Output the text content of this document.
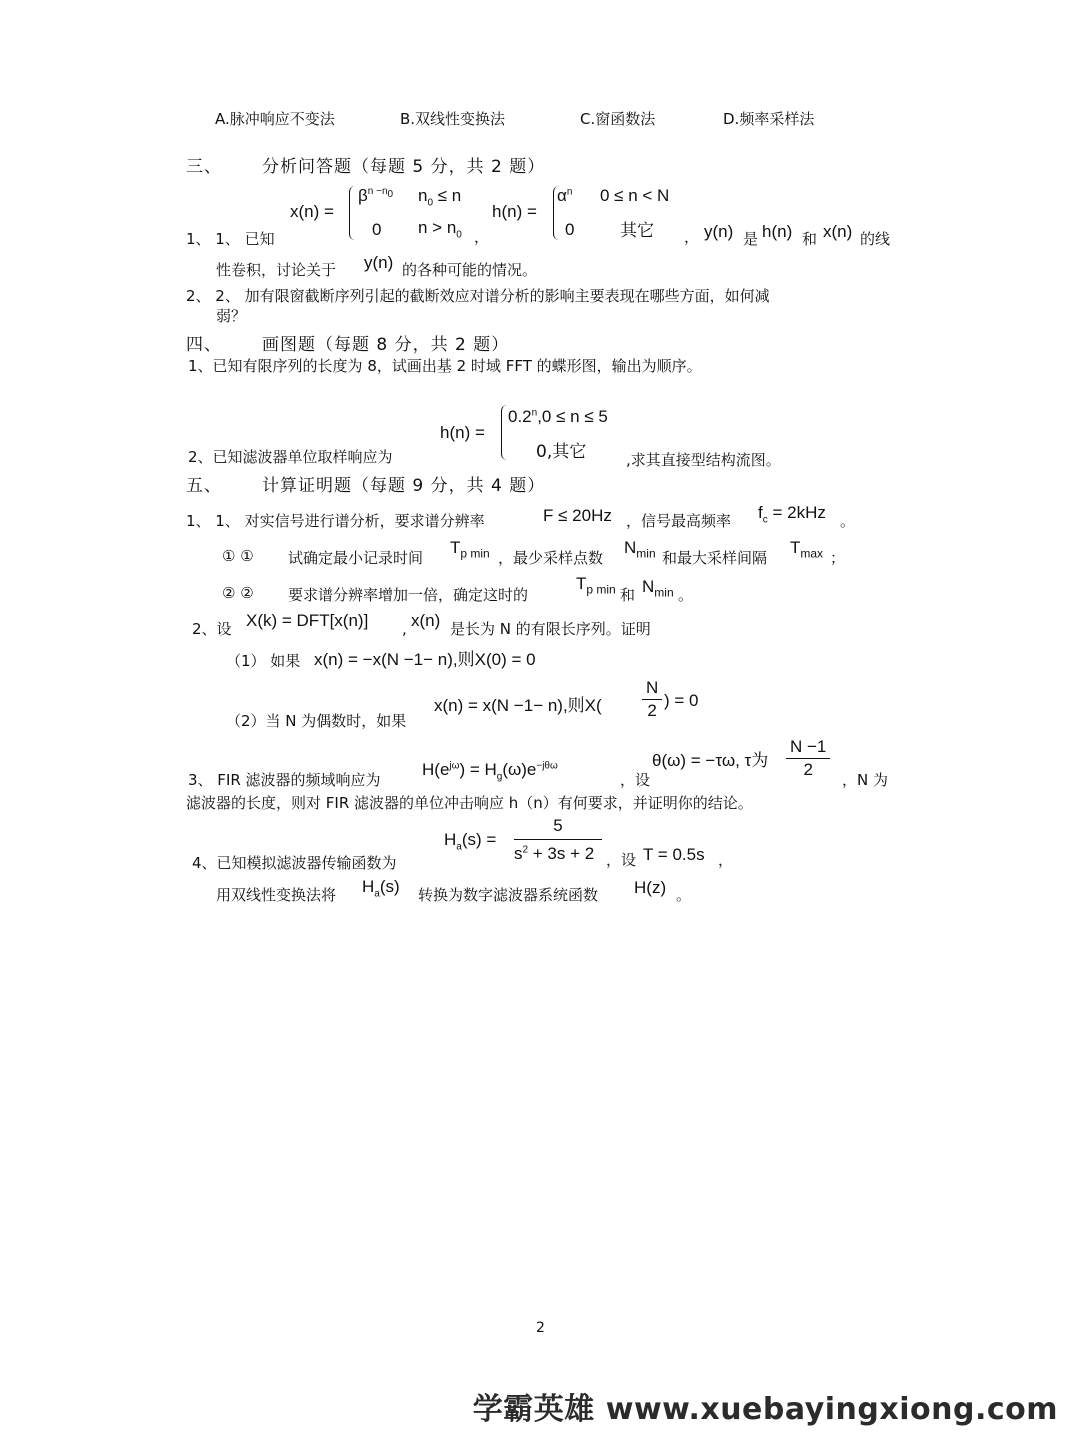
A.脉冲响应不变法	B.双线性变换法	C.窗函数法	D.频率采样法
三、 分析问答题（每题 5 分，共 2 题）
1、 1、 已知
x(n) =
$\beta^{n -n_0}$ $n_0 \le n$
0 $n > n_0$ ，
h(n) =
$\alpha^n$ 0 ≤ n < N
0	其它 ， y(n) 是 h(n) 和 x(n) 的线
性卷积，讨论关于 y(n) 的各种可能的情况。
2、 2、 加有限窗截断序列引起的截断效应对谱分析的影响主要表现在哪些方面，如何减
弱？
四、 画图题（每题 8 分，共 2 题）
1、已知有限序列的长度为 8，试画出基 2 时域 FFT 的蝶形图，输出为顺序。
2、已知滤波器单位取样响应为
h(n) =
$0.2^n,0 \le n \le 5$
0,其它	,求其直接型结构流图。
五、 计算证明题（每题 9 分，共 4 题）
1、 1、 对实信号进行谱分析，要求谱分辨率	F ≤ 20Hz ，信号最高频率 $f_c = 2kHz$ 。
① ① 试确定最小记录时间
$T_{p min}$ ，最少采样点数
$N_{min}$ 和最大采样间隔
$T_{max}$ ；
② ② 要求谱分辨率增加一倍，确定这时的
$T_{p min}$ 和 $N_{min}$ 。
2、设 X(k) = DFT[x(n)] , x(n) 是长为 N 的有限长序列。证明
（1） 如果 x(n) = −x(N −1− n),则X(0) = 0
（2）当 N 为偶数时，如果
x(n) = x(N −1− n),则$X( \frac{N}{2}$ ) = 0
3、 FIR 滤波器的频域响应为
$H(e^{j\omega}) = H_g(\omega)e^{-j\theta\omega}$
，设
θ(ω) = −τω, τ为 $\frac{N -1}{2}$ ，N 为
滤波器的长度，则对 FIR 滤波器的单位冲击响应 h（n）有何要求，并证明你的结论。
4、已知模拟滤波器传输函数为
$H_a(s)$ =
5
$s^2 + 3s + 2$ ，设 T = 0.5s ，
用双线性变换法将 $H_a(s)$ 转换为数字滤波器系统函数 H(z) 。
2
学霸英雄 www.xuebayingxiong.com
